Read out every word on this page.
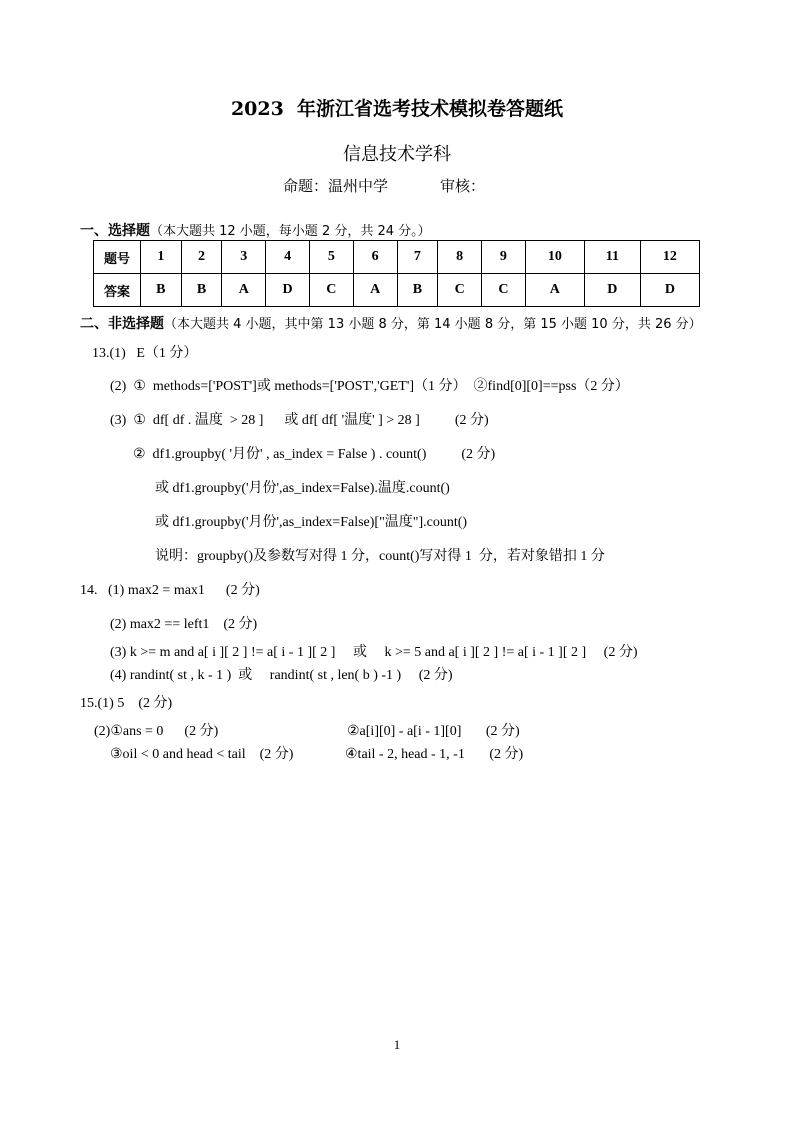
2023  年浙江省选考技术模拟卷答题纸
信息技术学科
命题：温州中学	审核：
一、选择题（本大题共 12 小题，每小题 2 分，共 24 分。）
题号	1	2	3	4	5	6	7	8	9	10	11	12
答案	B	B	A	D	C	A	B	C	C	A	D	D
二、非选择题（本大题共 4 小题，其中第 13 小题 8 分，第 14 小题 8 分，第 15 小题 10 分，共 26 分）
13.(1)   E（1 分）
(2)  ①  methods=['POST']或 methods=['POST','GET']（1 分）  ②find[0][0]==pss（2 分）
(3)  ①  df[ df . 温度  > 28 ]      或 df[ df[ '温度' ] > 28 ]          (2 分)
②  df1.groupby( '月份' , as_index = False ) . count()          (2 分)
或 df1.groupby('月份',as_index=False).温度.count()
或 df1.groupby('月份',as_index=False)["温度"].count()
说明：groupby()及参数写对得 1 分，count()写对得 1  分，若对象错扣 1 分
14.   (1) max2 = max1      (2 分)
(2) max2 == left1    (2 分)
(3) k >= m and a[ i ][ 2 ] != a[ i - 1 ][ 2 ]     或     k >= 5 and a[ i ][ 2 ] != a[ i - 1 ][ 2 ]     (2 分)
(4) randint( st , k - 1 )  或     randint( st , len( b ) -1 )     (2 分)
15.(1) 5    (2 分)
(2)①ans = 0      (2 分)	②a[i][0] - a[i - 1][0]       (2 分)
③oil < 0 and head < tail    (2 分)	④tail - 2, head - 1, -1       (2 分)
1
